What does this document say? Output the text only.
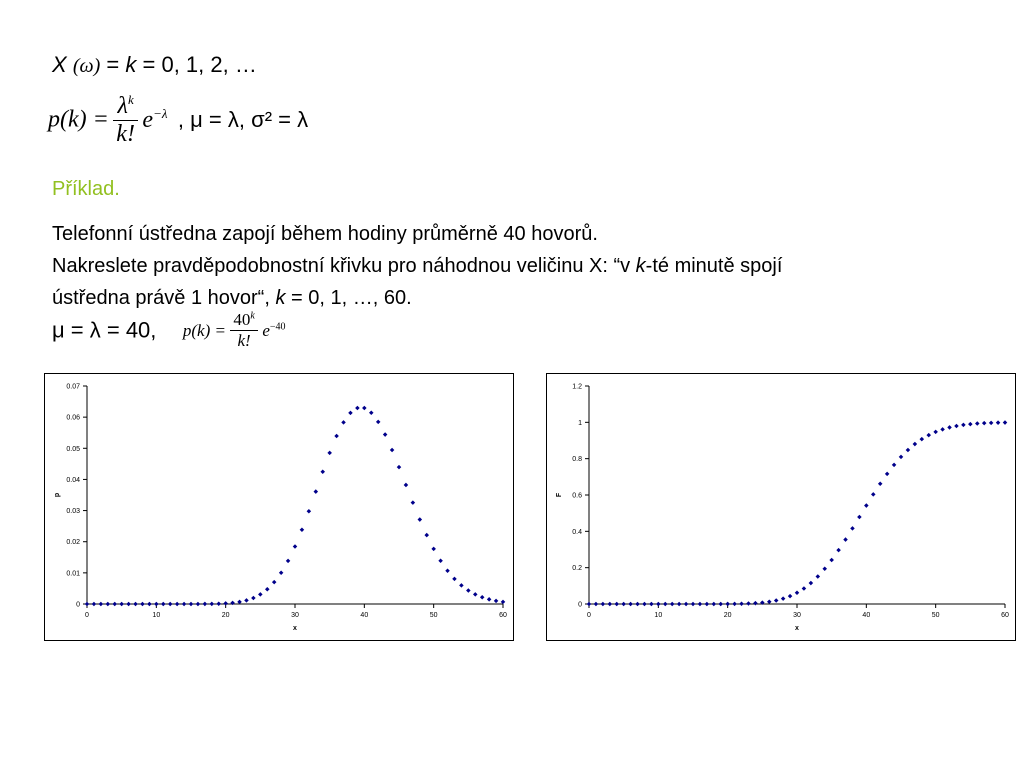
X (ω) = k = 0, 1, 2, …
$p(k) = \frac{\lambda^k}{k!} e^{-\lambda}$ , μ = λ, σ² = λ
Příklad.
Telefonní ústředna zapojí během hodiny průměrně 40 hovorů.
Nakreslete pravděpodobnostní křivku pro náhodnou veličinu X: “v k-té minutě spojí
ústředna právě 1 hovor“, k = 0, 1, …, 60.
μ = λ = 40, $p(k) = \frac{40^k}{k!} e^{-40}$
0
0.01
0.02
0.03
0.04
0.05
0.06
0.07
0	10	20	30	40	50	60
x
p
0
0.2
0.4
0.6
0.8
1
1.2
0	10	20	30	40	50	60
x
F
